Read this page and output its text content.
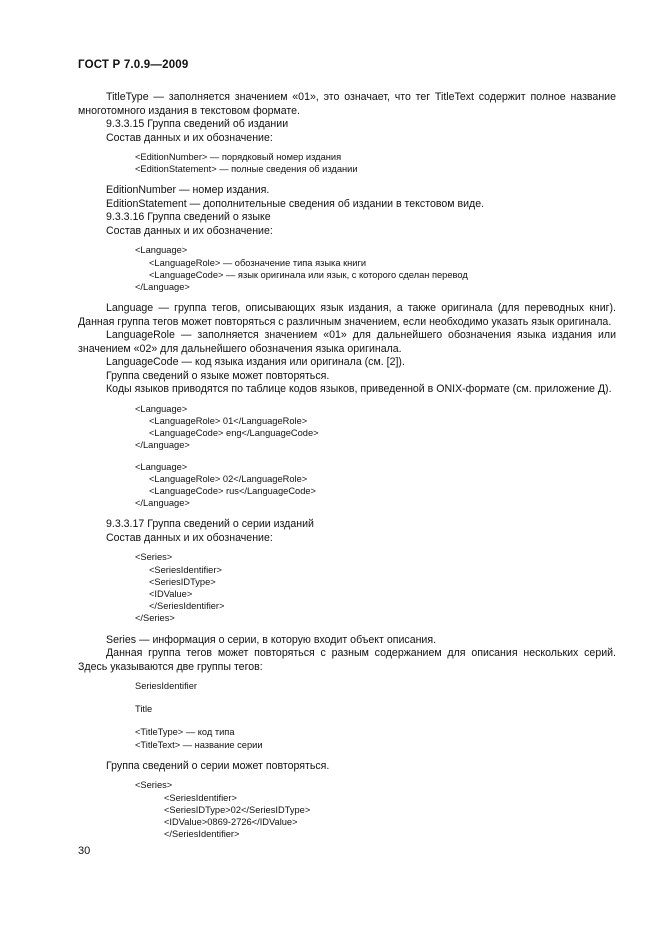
ГОСТ Р 7.0.9—2009

TitleType — заполняется значением «01», это означает, что тег TitleText содержит полное название многотомного издания в текстовом формате.

9.3.3.15 Группа сведений об издании

Состав данных и их обозначение:

<EditionNumber> — порядковый номер издания

<EditionStatement> — полные сведения об издании

EditionNumber — номер издания.

EditionStatement — дополнительные сведения об издании в текстовом виде.

9.3.3.16 Группа сведений о языке

Состав данных и их обозначение:

<Language>

<LanguageRole> — обозначение типа языка книги

<LanguageCode> — язык оригинала или язык, с которого сделан перевод

</Language>

Language — группа тегов, описывающих язык издания, а также оригинала (для переводных книг). Данная группа тегов может повторяться с различным значением, если необходимо указать язык оригинала.

LanguageRole — заполняется значением «01» для дальнейшего обозначения языка издания или значением «02» для дальнейшего обозначения языка оригинала.

LanguageCode — код языка издания или оригинала (см. [2]).

Группа сведений о языке может повторяться.

Коды языков приводятся по таблице кодов языков, приведенной в ONIX-формате (см. приложение Д).

<Language>

<LanguageRole> 01</LanguageRole>

<LanguageCode> eng</LanguageCode>

</Language>

<Language>

<LanguageRole> 02</LanguageRole>

<LanguageCode> rus</LanguageCode>

</Language>

9.3.3.17 Группа сведений о серии изданий

Состав данных и их обозначение:

<Series>

<SeriesIdentifier>

<SeriesIDType>

<IDValue>

</SeriesIdentifier>

</Series>

Series — информация о серии, в которую входит объект описания.

Данная группа тегов может повторяться с разным содержанием для описания нескольких серий. Здесь указываются две группы тегов:

SeriesIdentifier

Title

<TitleType> — код типа

<TitleText> — название серии

Группа сведений о серии может повторяться.

<Series>

<SeriesIdentifier>

<SeriesIDType>02</SeriesIDType>

<IDValue>0869-2726</IDValue>

</SeriesIdentifier>

30
